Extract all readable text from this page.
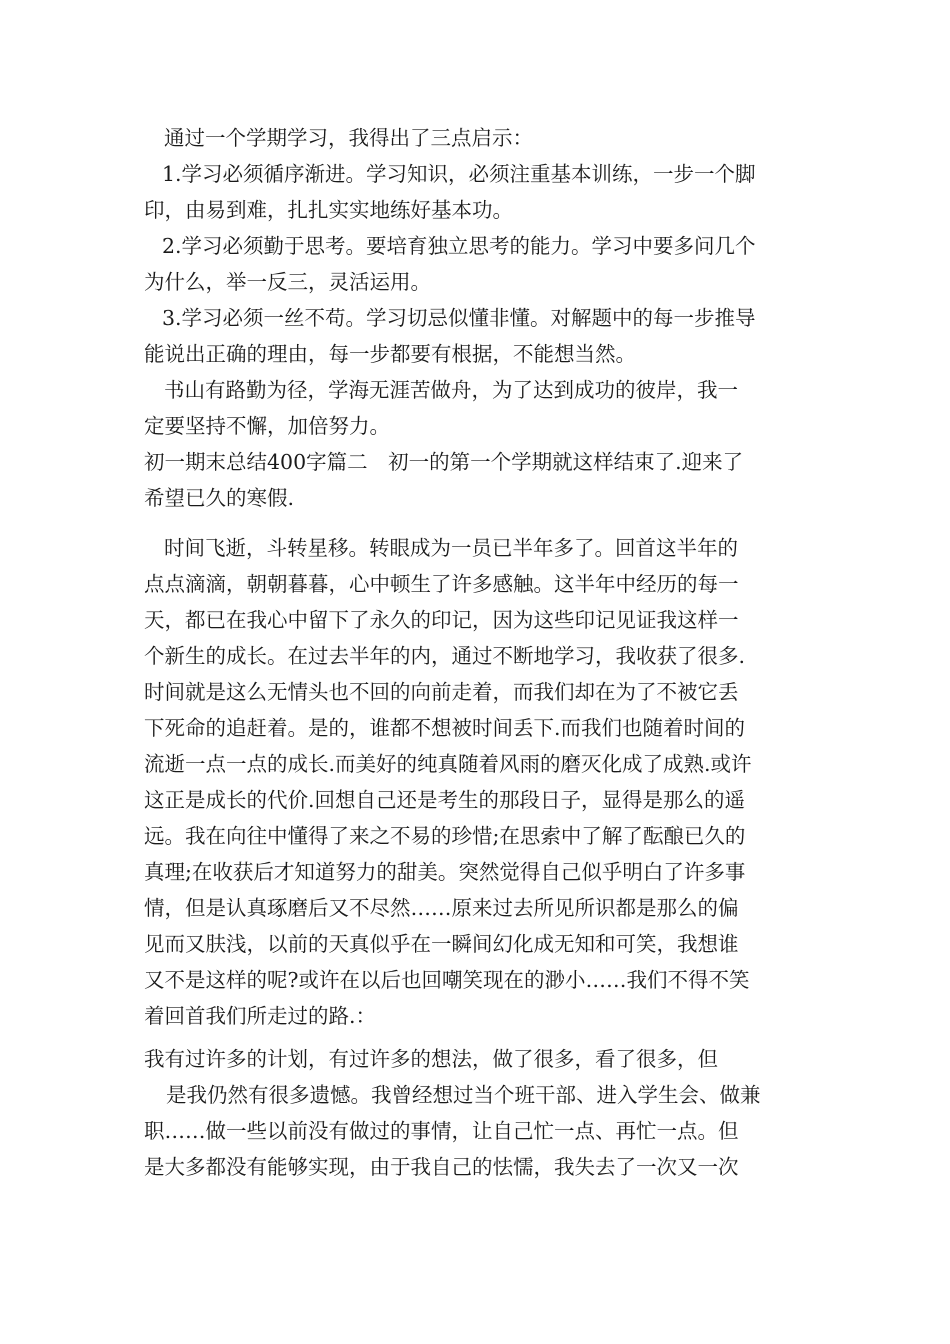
通过一个学期学习，我得出了三点启示：
1.学习必须循序渐进。学习知识，必须注重基本训练，一步一个脚
印，由易到难，扎扎实实地练好基本功。
2.学习必须勤于思考。要培育独立思考的能力。学习中要多问几个
为什么，举一反三，灵活运用。
3.学习必须一丝不苟。学习切忌似懂非懂。对解题中的每一步推导
能说出正确的理由，每一步都要有根据，不能想当然。
书山有路勤为径，学海无涯苦做舟，为了达到成功的彼岸，我一
定要坚持不懈，加倍努力。
初一期末总结400字篇二　初一的第一个学期就这样结束了.迎来了
希望已久的寒假.
时间飞逝，斗转星移。转眼成为一员已半年多了。回首这半年的
点点滴滴，朝朝暮暮，心中顿生了许多感触。这半年中经历的每一
天，都已在我心中留下了永久的印记，因为这些印记见证我这样一
个新生的成长。在过去半年的内，通过不断地学习，我收获了很多.
时间就是这么无情头也不回的向前走着，而我们却在为了不被它丢
下死命的追赶着。是的，谁都不想被时间丢下.而我们也随着时间的
流逝一点一点的成长.而美好的纯真随着风雨的磨灭化成了成熟.或许
这正是成长的代价.回想自己还是考生的那段日子，显得是那么的遥
远。我在向往中懂得了来之不易的珍惜;在思索中了解了酝酿已久的
真理;在收获后才知道努力的甜美。突然觉得自己似乎明白了许多事
情，但是认真琢磨后又不尽然……原来过去所见所识都是那么的偏
见而又肤浅，以前的天真似乎在一瞬间幻化成无知和可笑，我想谁
又不是这样的呢?或许在以后也回嘲笑现在的渺小……我们不得不笑
着回首我们所走过的路.：
我有过许多的计划，有过许多的想法，做了很多，看了很多，但
是我仍然有很多遗憾。我曾经想过当个班干部、进入学生会、做兼
职……做一些以前没有做过的事情，让自己忙一点、再忙一点。但
是大多都没有能够实现，由于我自己的怯懦，我失去了一次又一次
